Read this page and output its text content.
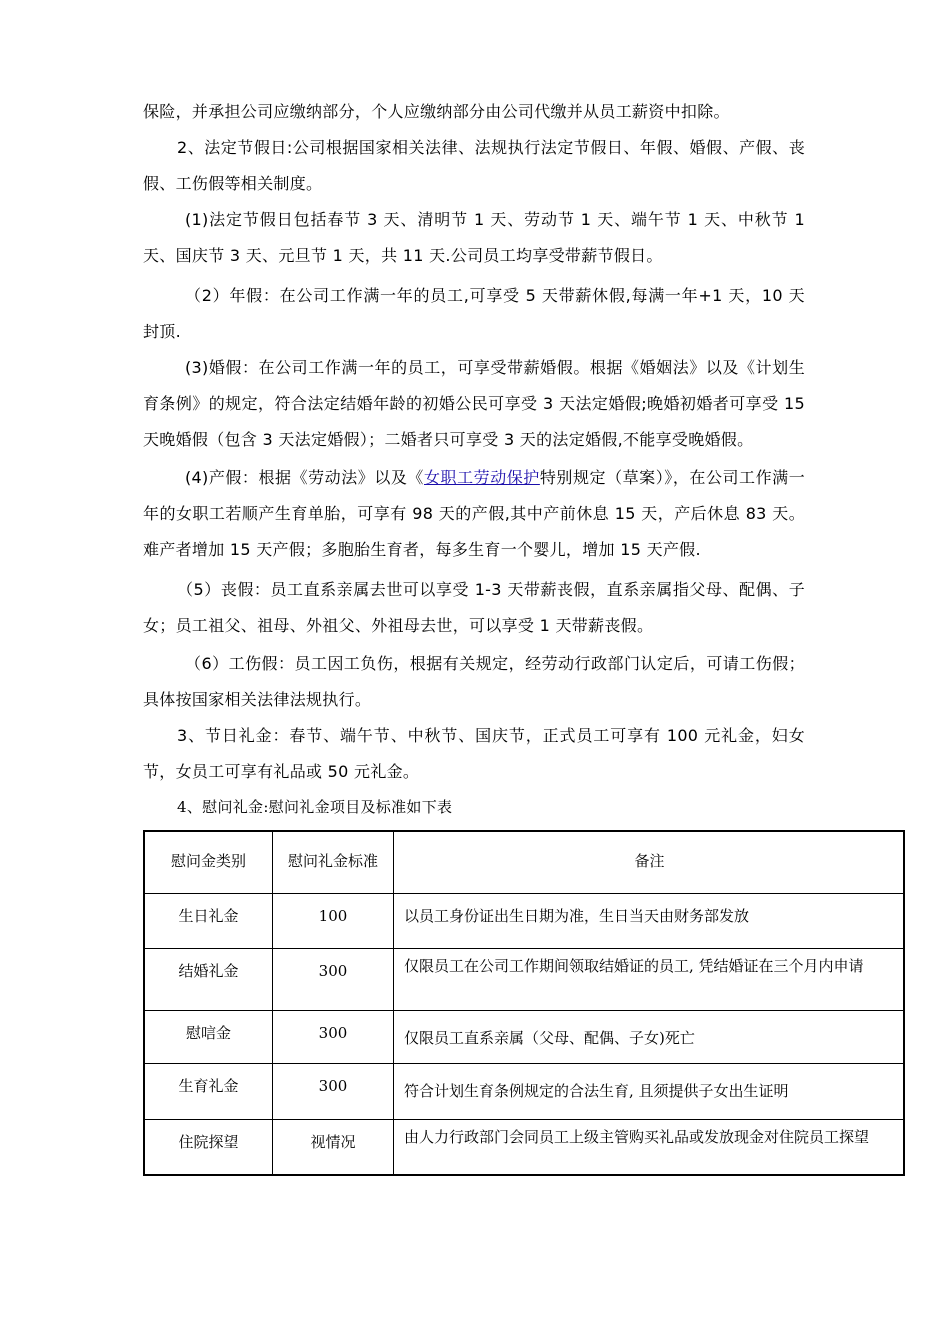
保险，并承担公司应缴纳部分，个人应缴纳部分由公司代缴并从员工薪资中扣除。

2、法定节假日:公司根据国家相关法律、法规执行法定节假日、年假、婚假、产假、丧假、工伤假等相关制度。

(1)法定节假日包括春节 3 天、清明节 1 天、劳动节 1 天、端午节 1 天、中秋节 1 天、国庆节 3 天、元旦节 1 天，共 11 天.公司员工均享受带薪节假日。

（2）年假：在公司工作满一年的员工,可享受 5 天带薪休假,每满一年+1 天，10 天封顶.

(3)婚假：在公司工作满一年的员工，可享受带薪婚假。根据《婚姻法》以及《计划生育条例》的规定，符合法定结婚年龄的初婚公民可享受 3 天法定婚假;晚婚初婚者可享受 15 天晚婚假（包含 3 天法定婚假）；二婚者只可享受 3 天的法定婚假,不能享受晚婚假。

(4)产假：根据《劳动法》以及《女职工劳动保护特别规定（草案）》，在公司工作满一年的女职工若顺产生育单胎，可享有 98 天的产假,其中产前休息 15 天，产后休息 83 天。难产者增加 15 天产假；多胞胎生育者，每多生育一个婴儿，增加 15 天产假.

（5）丧假：员工直系亲属去世可以享受 1-3 天带薪丧假，直系亲属指父母、配偶、子女；员工祖父、祖母、外祖父、外祖母去世，可以享受 1 天带薪丧假。

（6）工伤假：员工因工负伤，根据有关规定，经劳动行政部门认定后，可请工伤假；具体按国家相关法律法规执行。

3、节日礼金：春节、端午节、中秋节、国庆节，正式员工可享有 100 元礼金，妇女节，女员工可享有礼品或 50 元礼金。

4、慰问礼金:慰问礼金项目及标准如下表

慰问金类别	慰问礼金标准	备注
生日礼金	100	以员工身份证出生日期为准，生日当天由财务部发放
结婚礼金	300	仅限员工在公司工作期间领取结婚证的员工, 凭结婚证在三个月内申请
慰唁金	300	仅限员工直系亲属（父母、配偶、子女)死亡
生育礼金	300	符合计划生育条例规定的合法生育, 且须提供子女出生证明
住院探望	视情况	由人力行政部门会同员工上级主管购买礼品或发放现金对住院员工探望
